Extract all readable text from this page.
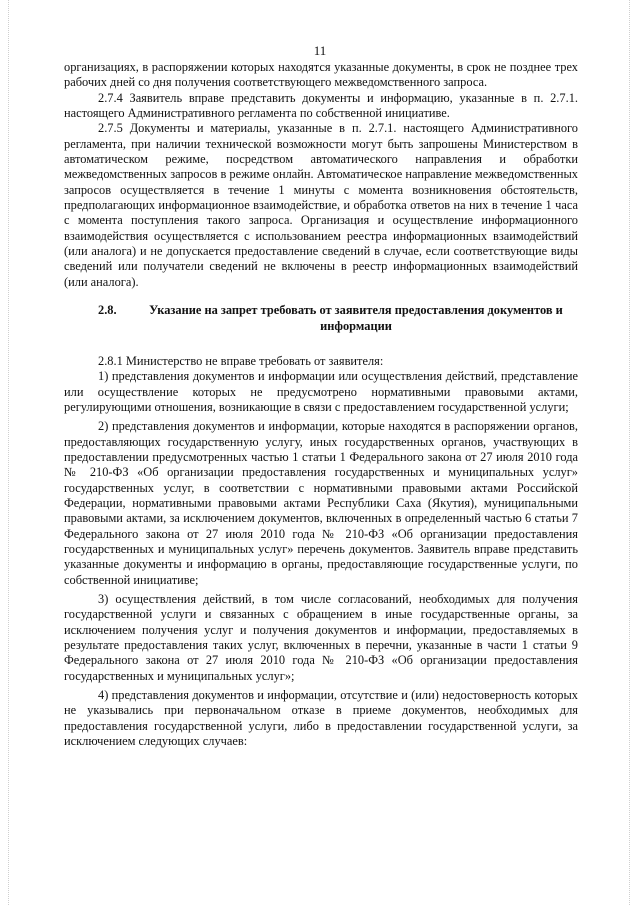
11

организациях, в распоряжении которых находятся указанные документы, в срок не позднее трех рабочих дней со дня получения соответствующего межведомственного запроса.

2.7.4 Заявитель вправе представить документы и информацию, указанные в п. 2.7.1. настоящего Административного регламента по собственной инициативе.

2.7.5 Документы и материалы, указанные в п. 2.7.1. настоящего Административного регламента, при наличии технической возможности могут быть запрошены Министерством в автоматическом режиме, посредством автоматического направления и обработки межведомственных запросов в режиме онлайн. Автоматическое направление межведомственных запросов осуществляется в течение 1 минуты с момента возникновения обстоятельств, предполагающих информационное взаимодействие, и обработка ответов на них в течение 1 часа с момента поступления такого запроса. Организация и осуществление информационного взаимодействия осуществляется с использованием реестра информационных взаимодействий (или аналога) и не допускается предоставление сведений в случае, если соответствующие виды сведений или получатели сведений не включены в реестр информационных взаимодействий (или аналога).

2.8.	Указание на запрет требовать от заявителя предоставления документов и информации

2.8.1 Министерство не вправе требовать от заявителя:

1) представления документов и информации или осуществления действий, представление или осуществление которых не предусмотрено нормативными правовыми актами, регулирующими отношения, возникающие в связи с предоставлением государственной услуги;

2) представления документов и информации, которые находятся в распоряжении органов, предоставляющих государственную услугу, иных государственных органов, участвующих в предоставлении предусмотренных частью 1 статьи 1 Федерального закона от 27 июля 2010 года № 210-ФЗ «Об организации предоставления государственных и муниципальных услуг» государственных услуг, в соответствии с нормативными правовыми актами Российской Федерации, нормативными правовыми актами Республики Саха (Якутия), муниципальными правовыми актами, за исключением документов, включенных в определенный частью 6 статьи 7 Федерального закона от 27 июля 2010 года № 210-ФЗ «Об организации предоставления государственных и муниципальных услуг» перечень документов. Заявитель вправе представить указанные документы и информацию в органы, предоставляющие государственные услуги, по собственной инициативе;

3) осуществления действий, в том числе согласований, необходимых для получения государственной услуги и связанных с обращением в иные государственные органы, за исключением получения услуг и получения документов и информации, предоставляемых в результате предоставления таких услуг, включенных в перечни, указанные в части 1 статьи 9 Федерального закона от 27 июля 2010 года № 210-ФЗ «Об организации предоставления государственных и муниципальных услуг»;

4) представления документов и информации, отсутствие и (или) недостоверность которых не указывались при первоначальном отказе в приеме документов, необходимых для предоставления государственной услуги, либо в предоставлении государственной услуги, за исключением следующих случаев:
